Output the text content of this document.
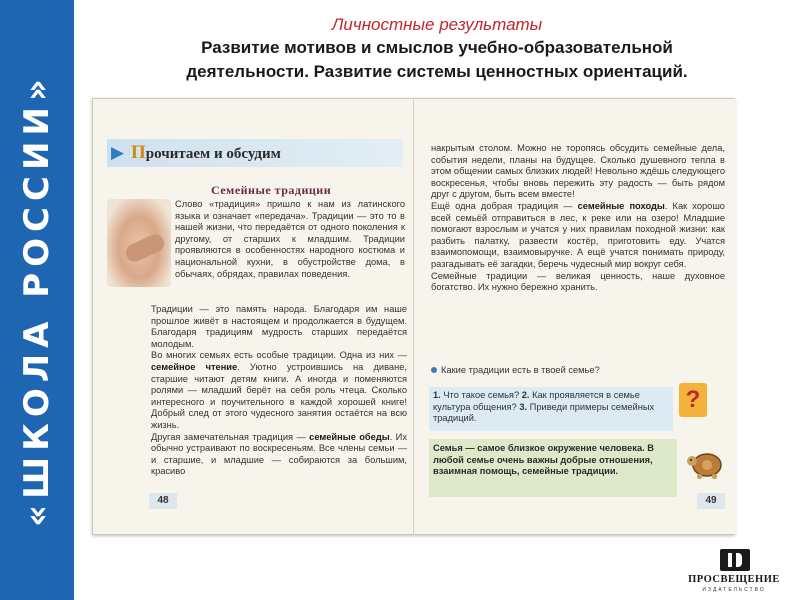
«ШКОЛА РОССИИ»
Личностные результаты
Развитие мотивов и смыслов учебно-образовательной
деятельности. Развитие системы ценностных ориентаций.
▶ Прочитаем и обсудим
Семейные традиции
Слово «традиция» пришло к нам из латинского языка и означает «передача». Традиции — это то в нашей жизни, что передаётся от одного поколения к другому, от старших к младшим. Традиции проявляются в особенностях народного костюма и национальной кухни, в обустройстве дома, в обычаях, обрядах, правилах поведения.

Традиции — это память народа. Благодаря им наше прошлое живёт в настоящем и продолжается в будущем. Благодаря традициям мудрость старших передаётся молодым.

Во многих семьях есть особые традиции. Одна из них — семейное чтение. Уютно устроившись на диване, старшие читают детям книги. А иногда и поменяются ролями — младший берёт на себя роль чтеца. Сколько интересного и поучительного в каждой хорошей книге! Добрый след от этого чудесного занятия остаётся на всю жизнь.

Другая замечательная традиция — семейные обеды. Их обычно устраивают по воскресеньям. Все члены семьи — и старшие, и младшие — собираются за большим, красиво

48

накрытым столом. Можно не торопясь обсудить семейные дела, события недели, планы на будущее. Сколько душевного тепла в этом общении самых близких людей! Невольно ждёшь следующего воскресенья, чтобы вновь пережить эту радость — быть рядом друг с другом, быть всем вместе!

Ещё одна добрая традиция — семейные походы. Как хорошо всей семьёй отправиться в лес, к реке или на озеро! Младшие помогают взрослым и учатся у них правилам походной жизни: как разбить палатку, развести костёр, приготовить еду. Учатся взаимопомощи, взаимовыручке. А ещё учатся понимать природу, разгадывать её загадки, беречь чудесный мир вокруг себя.

Семейные традиции — великая ценность, наше духовное богатство. Их нужно бережно хранить.

Какие традиции есть в твоей семье?
1. Что такое семья? 2. Как проявляется в семье культура общения? 3. Приведи примеры семейных традиций.
?
Семья — самое близкое окружение человека. В любой семье очень важны добрые отношения, взаимная помощь, семейные традиции.
49
ПРОСВЕЩЕНИЕ
ИЗДАТЕЛЬСТВО
